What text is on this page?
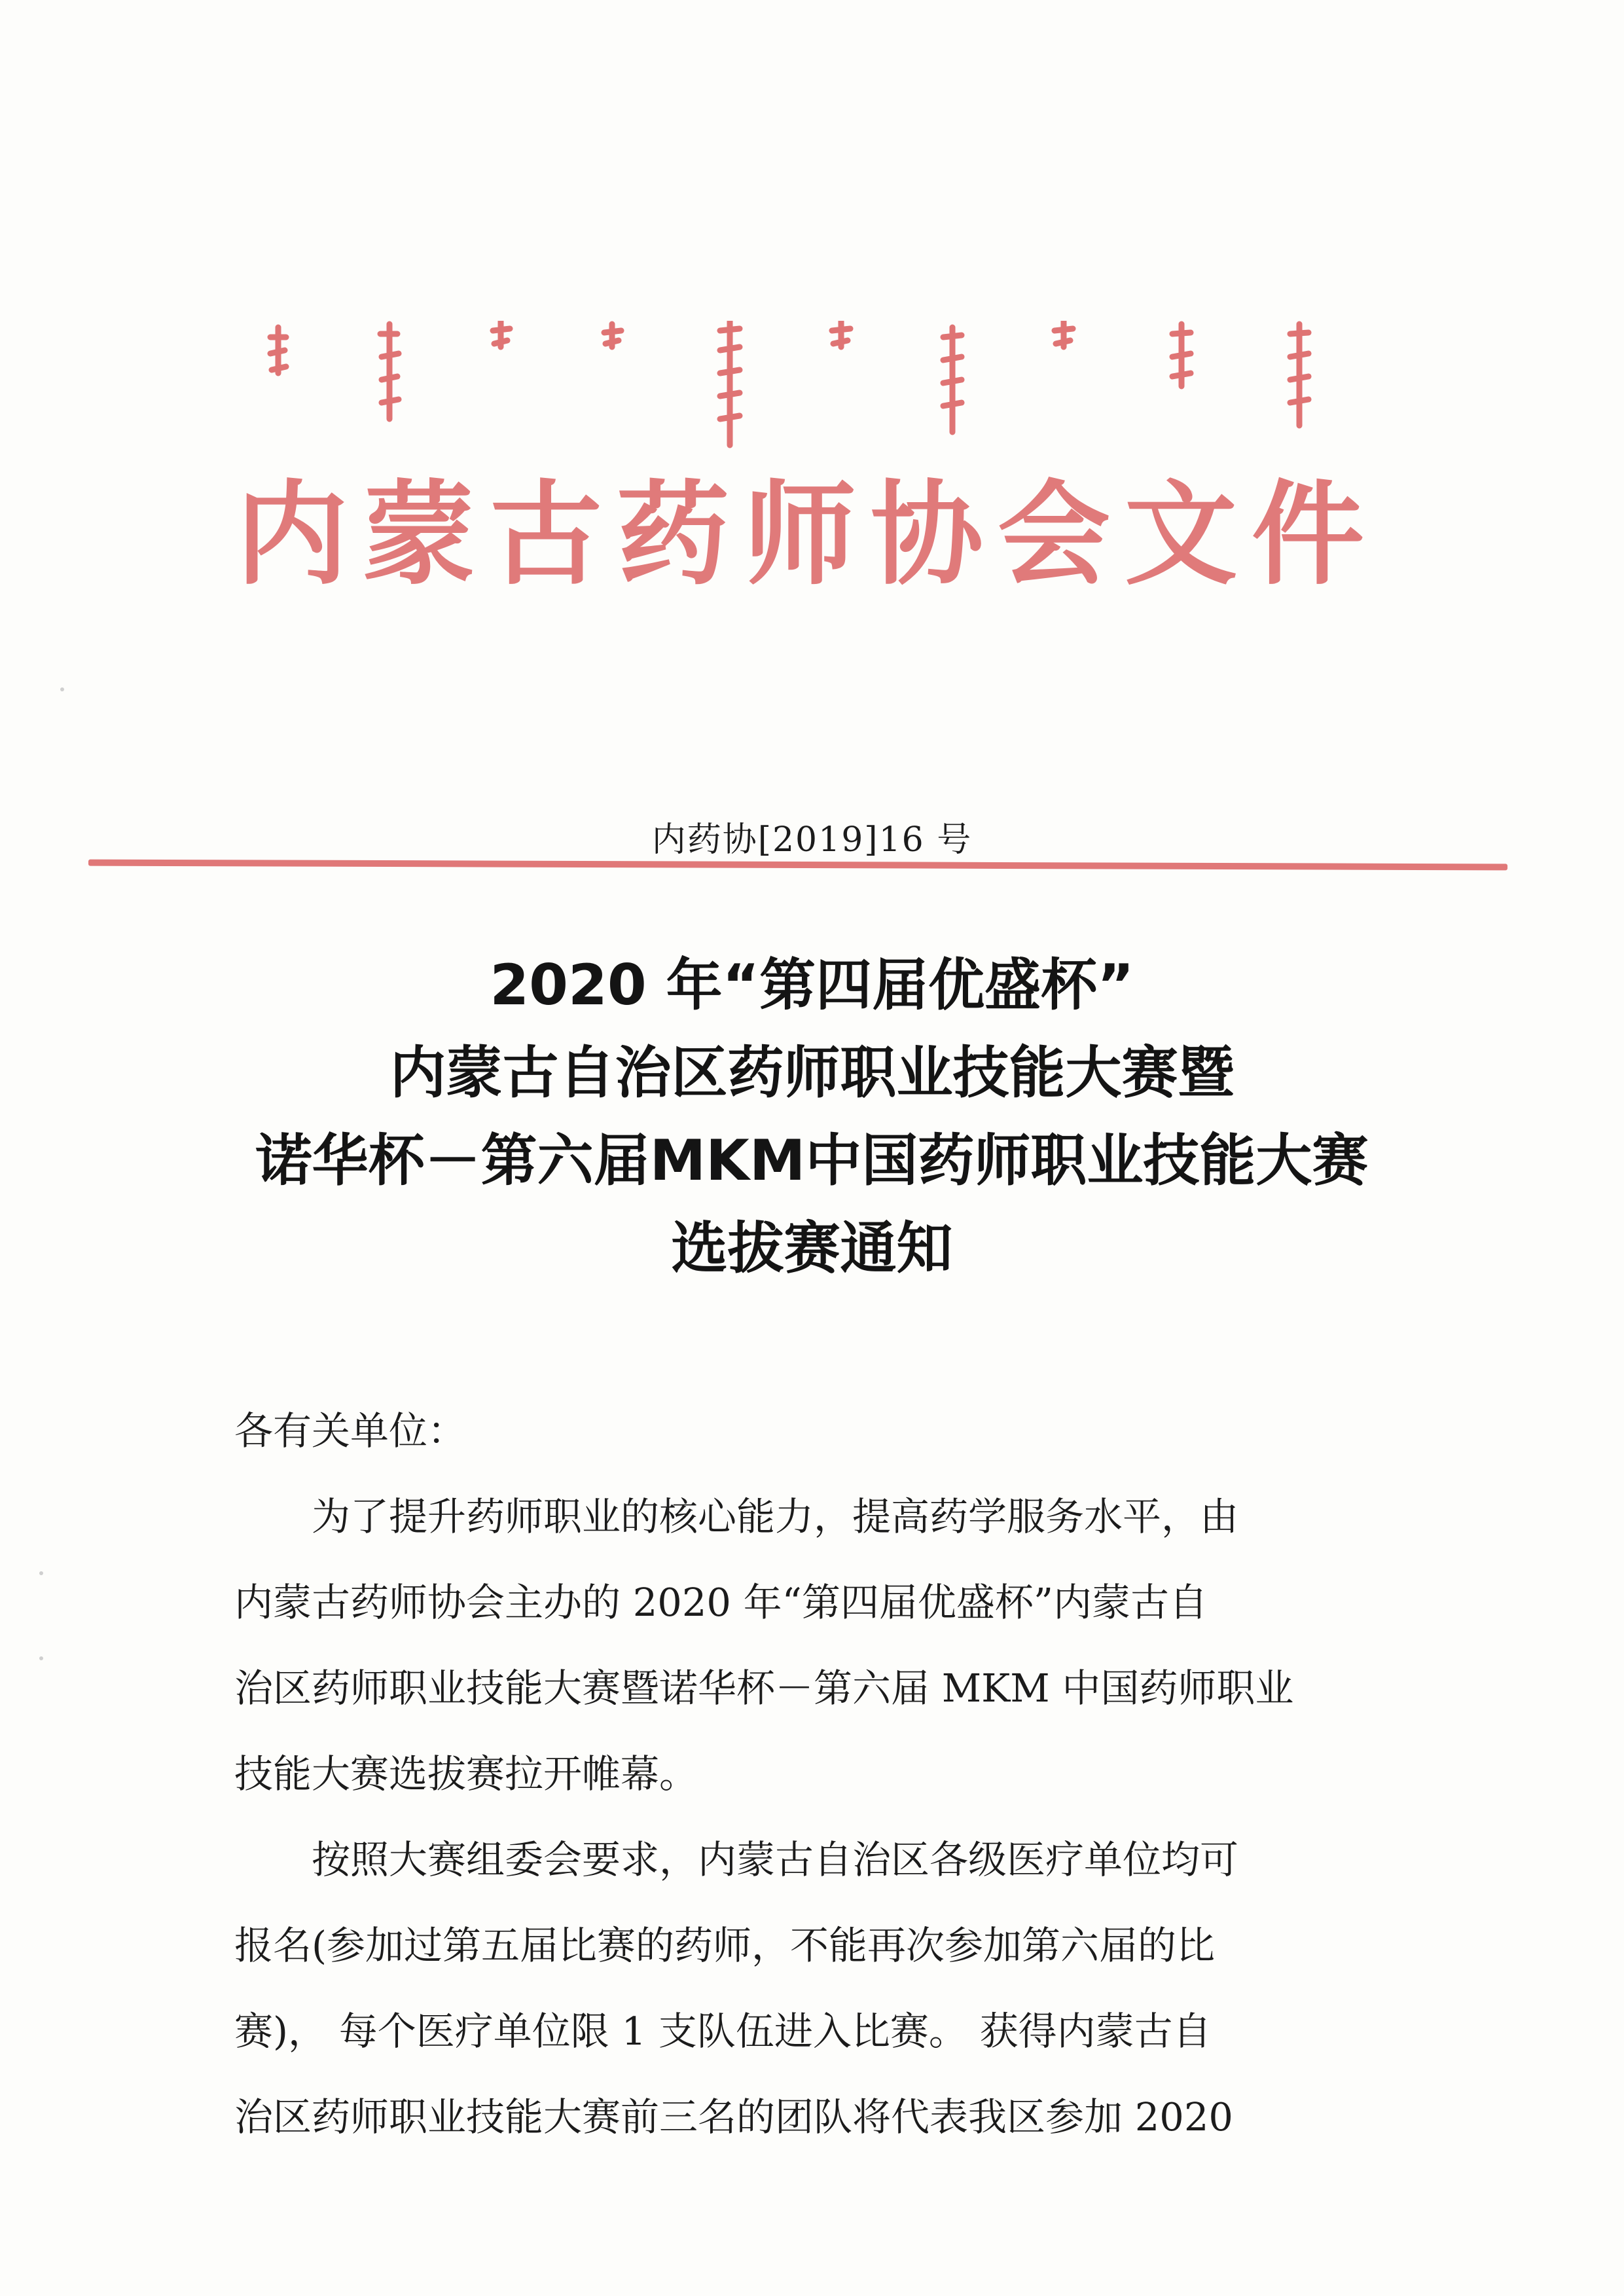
内蒙古药师协会文件
内药协[2019]16 号
2020 年“第四届优盛杯”
内蒙古自治区药师职业技能大赛暨
诺华杯－第六届MKM中国药师职业技能大赛
选拔赛通知
各有关单位：
　　为了提升药师职业的核心能力，提高药学服务水平，由
内蒙古药师协会主办的 2020 年“第四届优盛杯”内蒙古自
治区药师职业技能大赛暨诺华杯－第六届 MKM 中国药师职业
技能大赛选拔赛拉开帷幕。
　　按照大赛组委会要求，内蒙古自治区各级医疗单位均可
报名(参加过第五届比赛的药师，不能再次参加第六届的比
赛)， 每个医疗单位限 1 支队伍进入比赛。 获得内蒙古自
治区药师职业技能大赛前三名的团队将代表我区参加 2020
